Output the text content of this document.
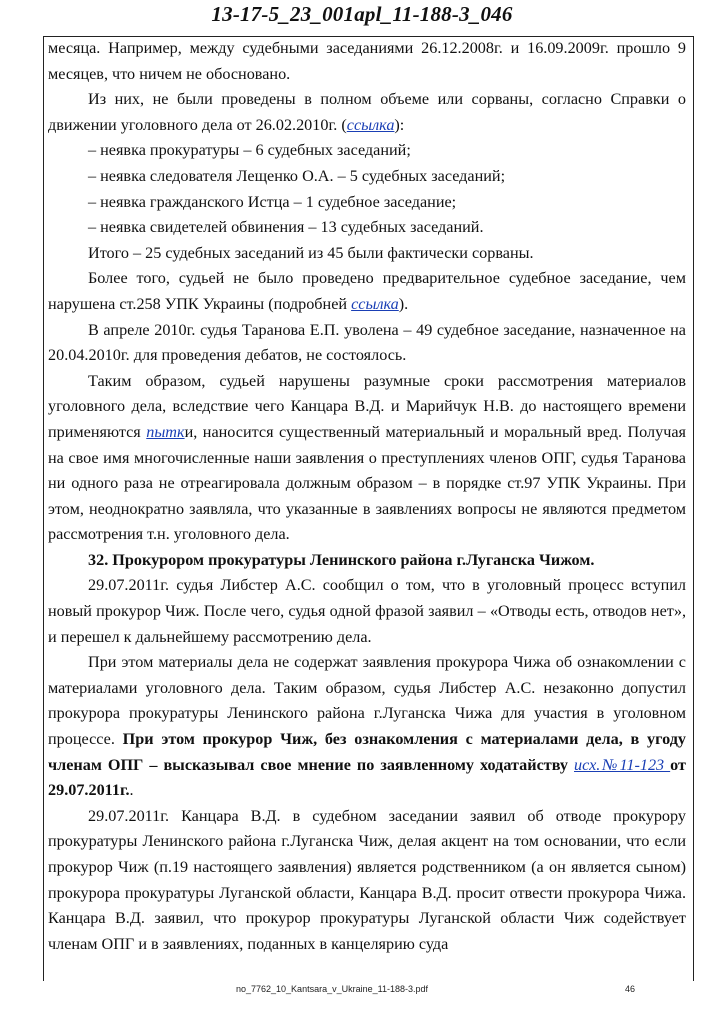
13-17-5_23_001apl_11-188-3_046

месяца. Например, между судебными заседаниями 26.12.2008г. и 16.09.2009г. прошло 9 месяцев, что ничем не обосновано.

Из них, не были проведены в полном объеме или сорваны, согласно Справки о движении уголовного дела от 26.02.2010г. (ссылка):

– неявка прокуратуры – 6 судебных заседаний;

– неявка следователя Лещенко О.А. – 5 судебных заседаний;

– неявка гражданского Истца – 1 судебное заседание;

– неявка свидетелей обвинения – 13 судебных заседаний.

Итого – 25 судебных заседаний из 45 были фактически сорваны.

Более того, судьей не было проведено предварительное судебное заседание, чем нарушена ст.258 УПК Украины (подробней ссылка).

В апреле 2010г. судья Таранова Е.П. уволена – 49 судебное заседание, назначенное на 20.04.2010г. для проведения дебатов, не состоялось.

Таким образом, судьей нарушены разумные сроки рассмотрения материалов уголовного дела, вследствие чего Канцара В.Д. и Марийчук Н.В. до настоящего времени применяются пытки, наносится существенный материальный и моральный вред. Получая на свое имя многочисленные наши заявления о преступлениях членов ОПГ, судья Таранова ни одного раза не отреагировала должным образом – в порядке ст.97 УПК Украины. При этом, неоднократно заявляла, что указанные в заявлениях вопросы не являются предметом рассмотрения т.н. уголовного дела.

32. Прокурором прокуратуры Ленинского района г.Луганска Чижом.

29.07.2011г. судья Либстер А.С. сообщил о том, что в уголовный процесс вступил новый прокурор Чиж. После чего, судья одной фразой заявил – «Отводы есть, отводов нет», и перешел к дальнейшему рассмотрению дела.

При этом материалы дела не содержат заявления прокурора Чижа об ознакомлении с материалами уголовного дела. Таким образом, судья Либстер А.С. незаконно допустил прокурора прокуратуры Ленинского района г.Луганска Чижа для участия в уголовном процессе. При этом прокурор Чиж, без ознакомления с материалами дела, в угоду членам ОПГ – высказывал свое мнение по заявленному ходатайству исх.№11-123 от 29.07.2011г..

29.07.2011г. Канцара В.Д. в судебном заседании заявил об отводе прокурору прокуратуры Ленинского района г.Луганска Чиж, делая акцент на том основании, что если прокурор Чиж (п.19 настоящего заявления) является родственником (а он является сыном) прокурора прокуратуры Луганской области, Канцара В.Д. просит отвести прокурора Чижа. Канцара В.Д. заявил, что прокурор прокуратуры Луганской области Чиж содействует членам ОПГ и в заявлениях, поданных в канцелярию суда

no_7762_10_Kantsara_v_Ukraine_11-188-3.pdf	46
